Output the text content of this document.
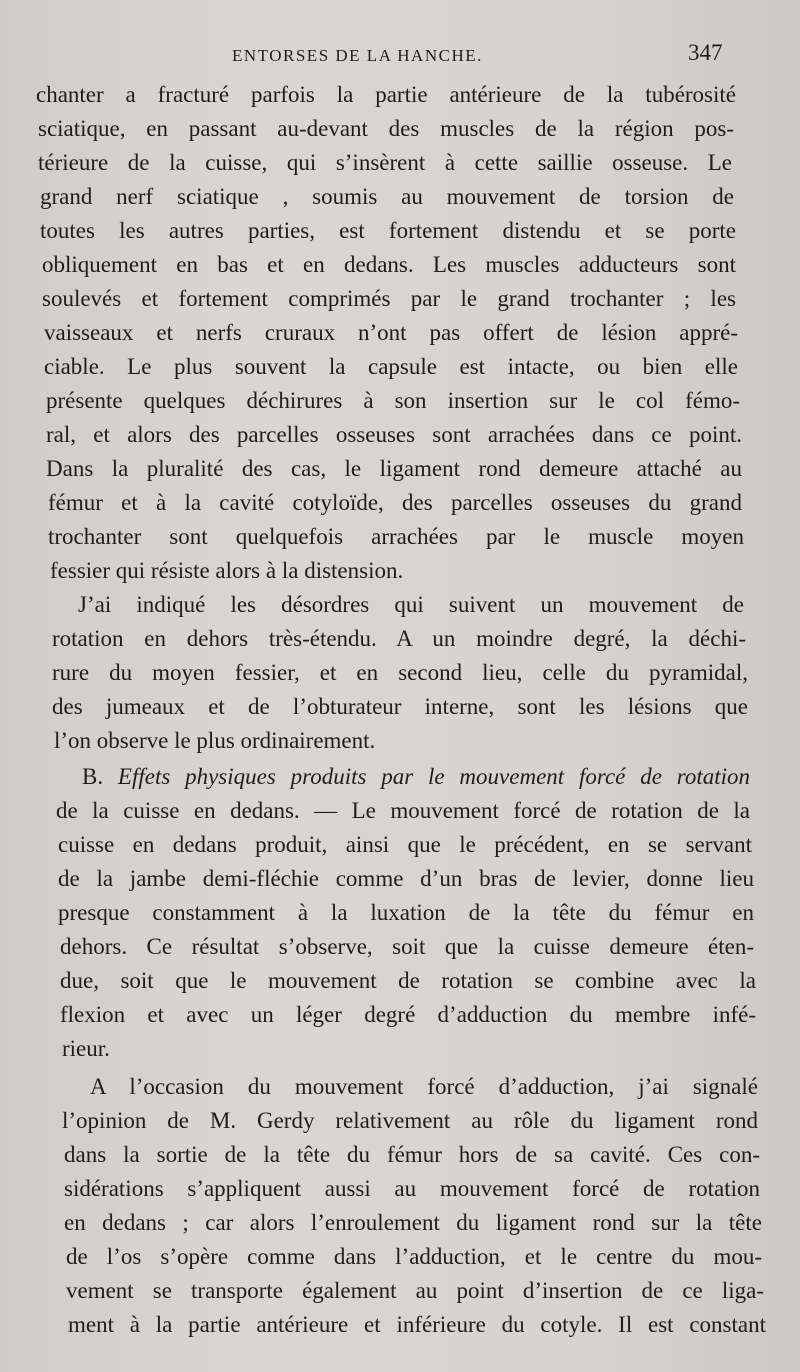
ENTORSES DE LA HANCHE.	347
chanter a fracturé parfois la partie antérieure de la tubérosité
sciatique, en passant au-devant des muscles de la région pos-
térieure de la cuisse, qui s’insèrent à cette saillie osseuse. Le
grand nerf sciatique , soumis au mouvement de torsion de
toutes les autres parties, est fortement distendu et se porte
obliquement en bas et en dedans. Les muscles adducteurs sont
soulevés et fortement comprimés par le grand trochanter ; les
vaisseaux et nerfs cruraux n’ont pas offert de lésion appré-
ciable. Le plus souvent la capsule est intacte, ou bien elle
présente quelques déchirures à son insertion sur le col fémo-
ral, et alors des parcelles osseuses sont arrachées dans ce point.
Dans la pluralité des cas, le ligament rond demeure attaché au
fémur et à la cavité cotyloïde, des parcelles osseuses du grand
trochanter sont quelquefois arrachées par le muscle moyen
fessier qui résiste alors à la distension.
J’ai indiqué les désordres qui suivent un mouvement de
rotation en dehors très-étendu. A un moindre degré, la déchi-
rure du moyen fessier, et en second lieu, celle du pyramidal,
des jumeaux et de l’obturateur interne, sont les lésions que
l’on observe le plus ordinairement.
B. Effets physiques produits par le mouvement forcé de rotation
de la cuisse en dedans. — Le mouvement forcé de rotation de la
cuisse en dedans produit, ainsi que le précédent, en se servant
de la jambe demi-fléchie comme d’un bras de levier, donne lieu
presque constamment à la luxation de la tête du fémur en
dehors. Ce résultat s’observe, soit que la cuisse demeure éten-
due, soit que le mouvement de rotation se combine avec la
flexion et avec un léger degré d’adduction du membre infé-
rieur.
A l’occasion du mouvement forcé d’adduction, j’ai signalé
l’opinion de M. Gerdy relativement au rôle du ligament rond
dans la sortie de la tête du fémur hors de sa cavité. Ces con-
sidérations s’appliquent aussi au mouvement forcé de rotation
en dedans ; car alors l’enroulement du ligament rond sur la tête
de l’os s’opère comme dans l’adduction, et le centre du mou-
vement se transporte également au point d’insertion de ce liga-
ment à la partie antérieure et inférieure du cotyle. Il est constant
